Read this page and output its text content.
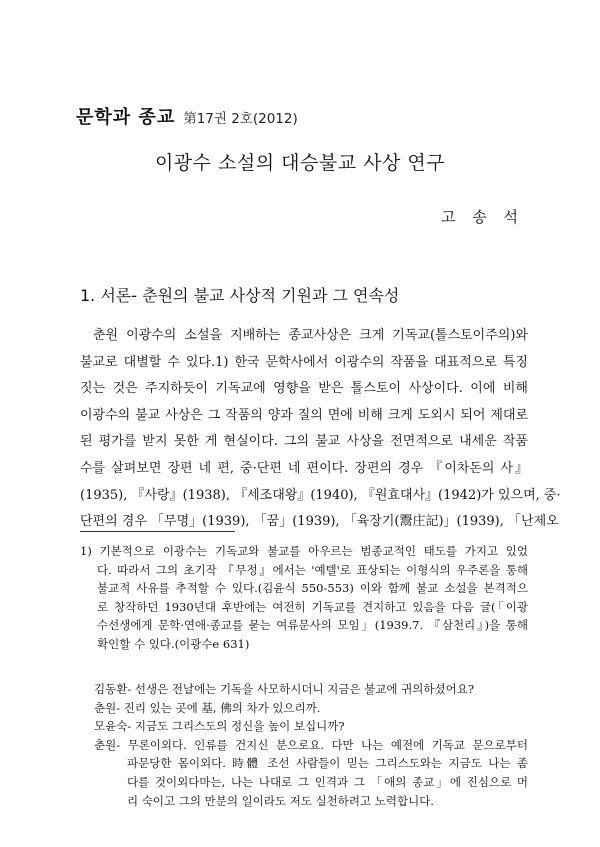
문학과 종교 第17권 2호(2012)
이광수 소설의 대승불교 사상 연구
고 송 석
1. 서론- 춘원의 불교 사상적 기원과 그 연속성
춘원 이광수의 소설을 지배하는 종교사상은 크게 기독교(톨스토이주의)와
불교로 대별할 수 있다.1) 한국 문학사에서 이광수의 작품을 대표적으로 특징
짓는 것은 주지하듯이 기독교에 영향을 받은 톨스토이 사상이다. 이에 비해
이광수의 불교 사상은 그 작품의 양과 질의 면에 비해 크게 도외시 되어 제대로
된 평가를 받지 못한 게 현실이다. 그의 불교 사상을 전면적으로 내세운 작품
수를 살펴보면 장편 네 편, 중·단편 네 편이다. 장편의 경우 『이차돈의 사』
(1935), 『사랑』(1938), 『세조대왕』(1940), 『원효대사』(1942)가 있으며, 중·
단편의 경우 「무명」(1939), 「꿈」(1939), 「육장기(鬻庄記)」(1939), 「난제오
1) 기본적으로 이광수는 기독교와 불교를 아우르는 범종교적인 태도를 가지고 있었
다. 따라서 그의 초기작 『무정』에서는 '예텔'로 표상되는 이형식의 우주론을 통해
불교적 사유를 추적할 수 있다.(김윤식 550-553) 이와 함께 불교 소설을 본격적으
로 창작하던 1930년대 후반에는 여전히 기독교를 견지하고 있음을 다음 글(「이광
수선생에게 문학·연애·종교를 묻는 여류문사의 모임」(1939.7. 『삼천리』)을 통해
확인할 수 있다.(이광수e 631)
김동환- 선생은 전날에는 기독을 사모하시더니 지금은 불교에 귀의하셨어요?
춘원- 진리 있는 곳에 基, 佛의 차가 있으리까.
모윤숙- 지금도 그리스도의 정신을 높이 보십니까?
춘원- 무론이외다. 인류를 건지신 분으로요. 다만 나는 예전에 기독교 문으로부터
파문당한 몸이외다. 時體 조선 사람들이 믿는 그리스도와는 지금도 나는 좀
다를 것이외다마는, 나는 나대로 그 인격과 그 「애의 종교」에 진심으로 머
리 숙이고 그의 만분의 일이라도 저도 실천하려고 노력합니다.
